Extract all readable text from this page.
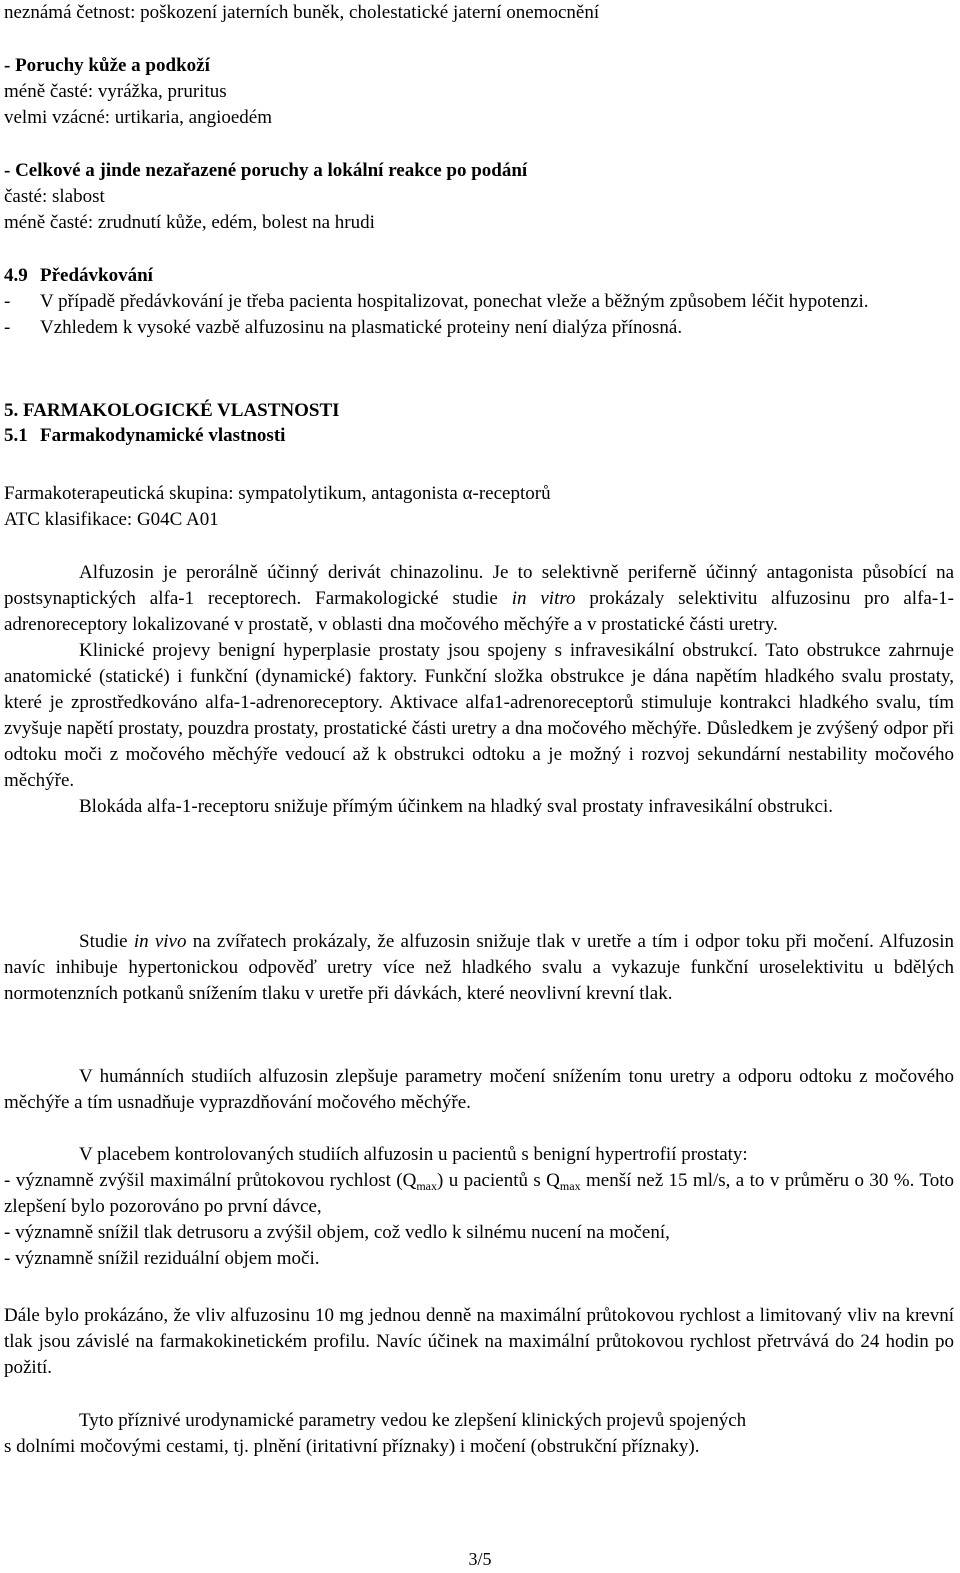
neznámá četnost: poškození jaterních buněk, cholestatické jaterní onemocnění

- Poruchy kůže a podkoží

méně časté: vyrážka, pruritus

velmi vzácné: urtikaria, angioedém

- Celkové a jinde nezařazené poruchy a lokální reakce po podání

časté: slabost

méně časté: zrudnutí kůže, edém, bolest na hrudi

4.9 Předávkování
-	V případě předávkování je třeba pacienta hospitalizovat, ponechat vleže a běžným způsobem léčit hypotenzi.
-	Vzhledem k vysoké vazbě alfuzosinu na plasmatické proteiny není dialýza přínosná.

5. FARMAKOLOGICKÉ VLASTNOSTI

5.1 Farmakodynamické vlastnosti

Farmakoterapeutická skupina: sympatolytikum, antagonista α-receptorů

ATC klasifikace: G04C A01

Alfuzosin je perorálně účinný derivát chinazolinu. Je to selektivně periferně účinný antagonista působící na postsynaptických alfa-1 receptorech. Farmakologické studie in vitro prokázaly selektivitu alfuzosinu pro alfa-1-adrenoreceptory lokalizované v prostatě, v oblasti dna močového měchýře a v prostatické části uretry.

Klinické projevy benigní hyperplasie prostaty jsou spojeny s infravesikální obstrukcí. Tato obstrukce zahrnuje anatomické (statické) i funkční (dynamické) faktory. Funkční složka obstrukce je dána napětím hladkého svalu prostaty, které je zprostředkováno alfa-1-adrenoreceptory. Aktivace alfa1-adrenoreceptorů stimuluje kontrakci hladkého svalu, tím zvyšuje napětí prostaty, pouzdra prostaty, prostatické části uretry a dna močového měchýře. Důsledkem je zvýšený odpor při odtoku moči z močového měchýře vedoucí až k obstrukci odtoku a je možný i rozvoj sekundární nestability močového měchýře.

Blokáda alfa-1-receptoru snižuje přímým účinkem na hladký sval prostaty infravesikální obstrukci.

Studie in vivo na zvířatech prokázaly, že alfuzosin snižuje tlak v uretře a tím i odpor toku při močení. Alfuzosin navíc inhibuje hypertonickou odpověď uretry více než hladkého svalu a vykazuje funkční uroselektivitu u bdělých normotenzních potkanů snížením tlaku v uretře při dávkách, které neovlivní krevní tlak.

V humánních studiích alfuzosin zlepšuje parametry močení snížením tonu uretry a odporu odtoku z močového měchýře a tím usnadňuje vyprazdňování močového měchýře.

V placebem kontrolovaných studiích alfuzosin u pacientů s benigní hypertrofií prostaty:

- významně zvýšil maximální průtokovou rychlost $(Q_{max})$ u pacientů s $Q_{max}$ menší než 15 ml/s, a to v průměru o 30 %. Toto zlepšení bylo pozorováno po první dávce,

- významně snížil tlak detrusoru a zvýšil objem, což vedlo k silnému nucení na močení,

- významně snížil reziduální objem moči.

Dále bylo prokázáno, že vliv alfuzosinu 10 mg jednou denně na maximální průtokovou rychlost a limitovaný vliv na krevní tlak jsou závislé na farmakokinetickém profilu. Navíc účinek na maximální průtokovou rychlost přetrvává do 24 hodin po požití.

Tyto příznivé urodynamické parametry vedou ke zlepšení klinických projevů spojených

s dolními močovými cestami, tj. plnění (iritativní příznaky) i močení (obstrukční příznaky).

3/5
